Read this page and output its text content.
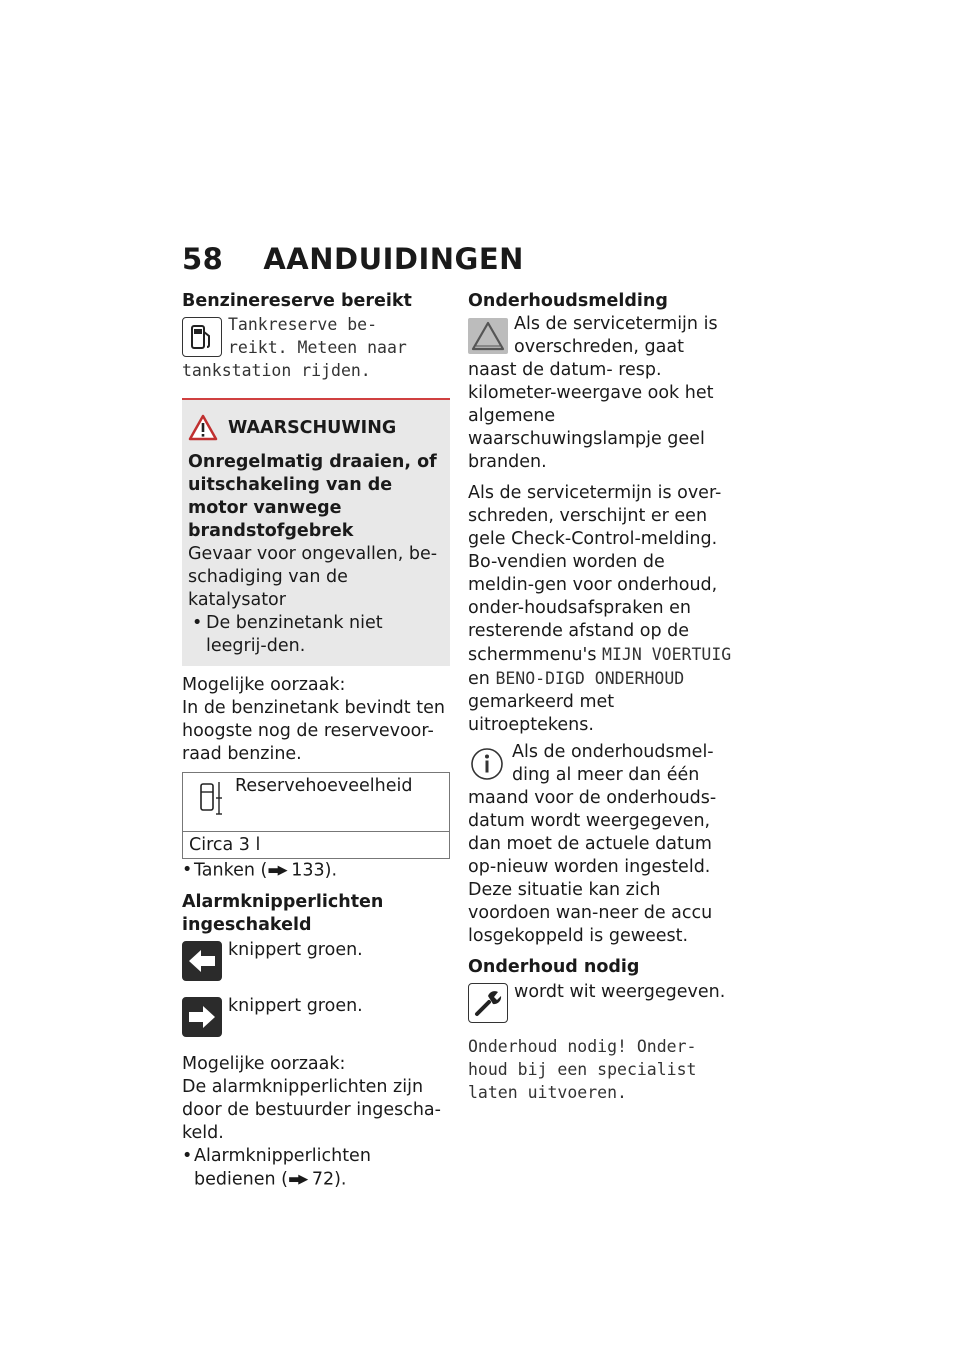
58 AANDUIDINGEN

Benzinereserve bereikt

Tankreserve be-
reikt. Meteen naar
tankstation rijden.
WAARSCHUWING

Onregelmatig draaien, of uitschakeling van de motor vanwege brandstofgebrek

Gevaar voor ongevallen, be-schadiging van de katalysator

• De benzinetank niet leegrij-den.

Mogelijke oorzaak:

In de benzinetank bevindt ten hoogste nog de reservevoor-raad benzine.

Reservehoeveelheid
Circa 3 l

• Tanken (▬▶ 133).

Alarmknipperlichten ingeschakeld

knippert groen.

knippert groen.

Mogelijke oorzaak:

De alarmknipperlichten zijn door de bestuurder ingescha-keld.

• Alarmknipperlichten bedienen (▬▶ 72).

Onderhoudsmelding

Als de servicetermijn is overschreden, gaat naast de datum- resp. kilometer-weergave ook het algemene waarschuwingslampje geel branden.

Als de servicetermijn is over-schreden, verschijnt er een gele Check-Control-melding. Bo-vendien worden de meldin-gen voor onderhoud, onder-houdsafspraken en resterende afstand op de schermmenu's MIJN VOERTUIG en BENO-DIGD ONDERHOUD gemarkeerd met uitroeptekens.

Als de onderhoudsmel-ding al meer dan één maand voor de onderhouds-datum wordt weergegeven, dan moet de actuele datum op-nieuw worden ingesteld. Deze situatie kan zich voordoen wan-neer de accu losgekoppeld is geweest.

Onderhoud nodig

wordt wit weergegeven.

Onderhoud nodig! Onder-
houd bij een specialist
laten uitvoeren.
